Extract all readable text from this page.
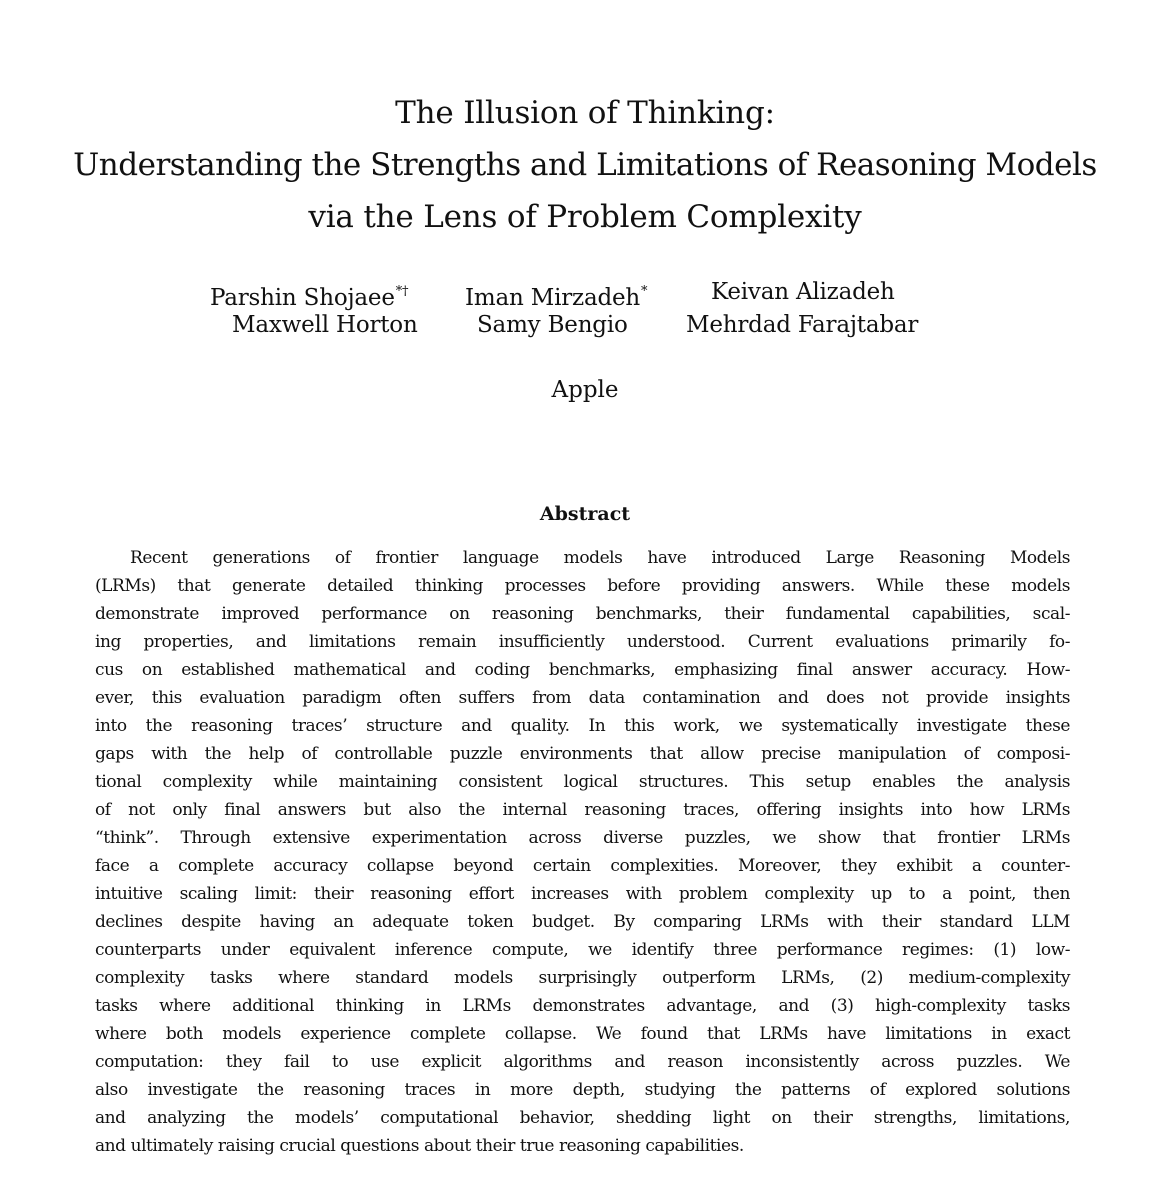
The Illusion of Thinking:
Understanding the Strengths and Limitations of Reasoning Models
via the Lens of Problem Complexity
Parshin Shojaee*† Iman Mirzadeh*	Keivan Alizadeh
Maxwell Horton	Samy Bengio	Mehrdad Farajtabar
Apple
Abstract
Recent generations of frontier language models have introduced Large Reasoning Models
(LRMs) that generate detailed thinking processes before providing answers. While these models
demonstrate improved performance on reasoning benchmarks, their fundamental capabilities, scal-
ing properties, and limitations remain insufficiently understood. Current evaluations primarily fo-
cus on established mathematical and coding benchmarks, emphasizing final answer accuracy. How-
ever, this evaluation paradigm often suffers from data contamination and does not provide insights
into the reasoning traces’ structure and quality. In this work, we systematically investigate these
gaps with the help of controllable puzzle environments that allow precise manipulation of composi-
tional complexity while maintaining consistent logical structures. This setup enables the analysis
of not only final answers but also the internal reasoning traces, offering insights into how LRMs
“think”. Through extensive experimentation across diverse puzzles, we show that frontier LRMs
face a complete accuracy collapse beyond certain complexities. Moreover, they exhibit a counter-
intuitive scaling limit: their reasoning effort increases with problem complexity up to a point, then
declines despite having an adequate token budget. By comparing LRMs with their standard LLM
counterparts under equivalent inference compute, we identify three performance regimes: (1) low-
complexity tasks where standard models surprisingly outperform LRMs, (2) medium-complexity
tasks where additional thinking in LRMs demonstrates advantage, and (3) high-complexity tasks
where both models experience complete collapse. We found that LRMs have limitations in exact
computation: they fail to use explicit algorithms and reason inconsistently across puzzles. We
also investigate the reasoning traces in more depth, studying the patterns of explored solutions
and analyzing the models’ computational behavior, shedding light on their strengths, limitations,
and ultimately raising crucial questions about their true reasoning capabilities.
